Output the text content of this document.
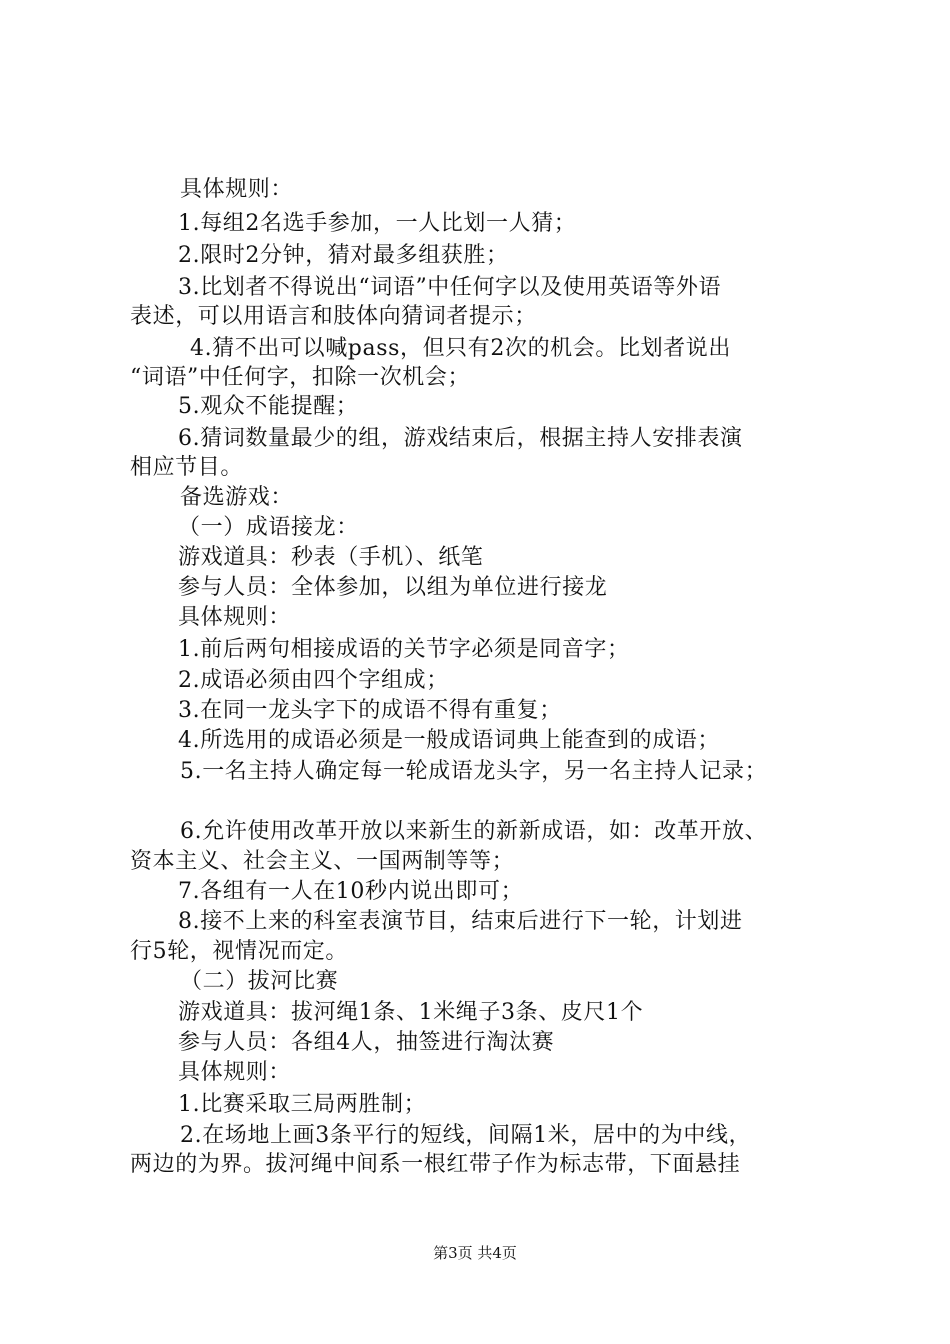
具体规则：
1.每组2名选手参加，一人比划一人猜；
2.限时2分钟，猜对最多组获胜；
3.比划者不得说出“词语”中任何字以及使用英语等外语
表述，可以用语言和肢体向猜词者提示；
4.猜不出可以喊pass，但只有2次的机会。比划者说出
“词语”中任何字，扣除一次机会；
5.观众不能提醒；
6.猜词数量最少的组，游戏结束后，根据主持人安排表演
相应节目。
备选游戏：
（一）成语接龙：
游戏道具：秒表（手机）、纸笔
参与人员：全体参加，以组为单位进行接龙
具体规则：
1.前后两句相接成语的关节字必须是同音字；
2.成语必须由四个字组成；
3.在同一龙头字下的成语不得有重复；
4.所选用的成语必须是一般成语词典上能查到的成语；
5.一名主持人确定每一轮成语龙头字，另一名主持人记录；
6.允许使用改革开放以来新生的新新成语，如：改革开放、
资本主义、社会主义、一国两制等等；
7.各组有一人在10秒内说出即可；
8.接不上来的科室表演节目，结束后进行下一轮，计划进
行5轮，视情况而定。
（二）拔河比赛
游戏道具：拔河绳1条、1米绳子3条、皮尺1个
参与人员：各组4人，抽签进行淘汰赛
具体规则：
1.比赛采取三局两胜制；
2.在场地上画3条平行的短线，间隔1米，居中的为中线，
两边的为界。拔河绳中间系一根红带子作为标志带，下面悬挂
第3页 共4页
